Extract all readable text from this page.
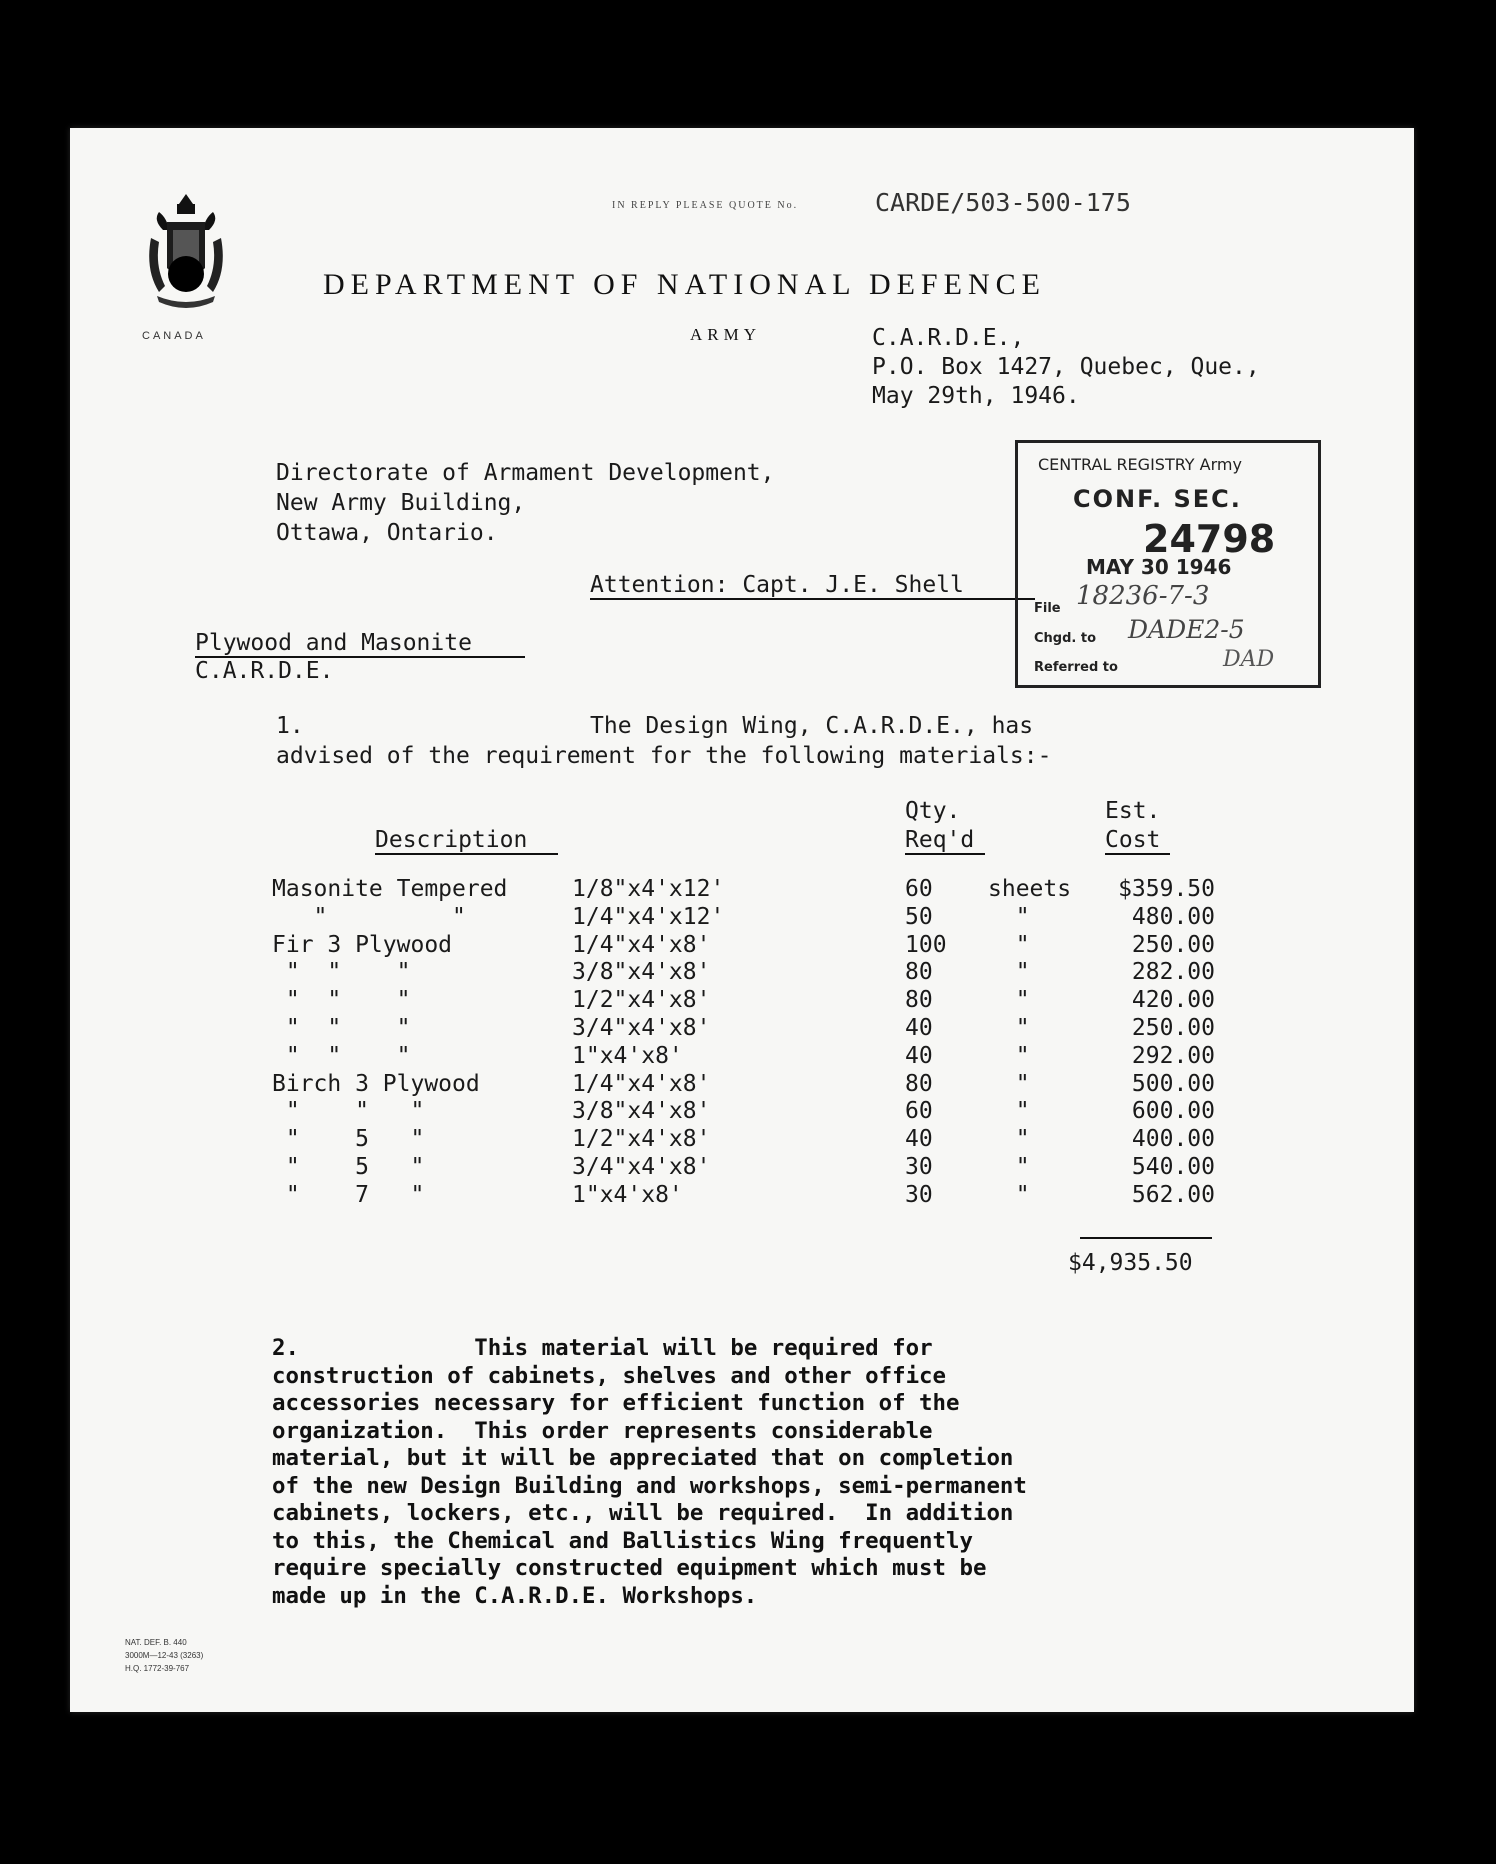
CANADA
IN REPLY PLEASE QUOTE No.	CARDE/503-500-175
DEPARTMENT OF NATIONAL DEFENCE
ARMY	C.A.R.D.E.,
P.O. Box 1427, Quebec, Que.,
May 29th, 1946.
Directorate of Armament Development,
New Army Building,
Ottawa, Ontario.
Attention: Capt. J.E. Shell
CENTRAL REGISTRY Army
CONF. SEC.
24798
MAY 30 1946
File 18236-7-3
Chgd. to DADE2-5
Referred to	DAD
Plywood and Masonite
C.A.R.D.E.
1.	The Design Wing, C.A.R.D.E., has
advised of the requirement for the following materials:-
Description
Qty.
Req'd
Est.
Cost
Masonite Tempered	1/8"x4'x12'	60 sheets	$359.50
"         "	1/4"x4'x12'	50 "	480.00
Fir 3 Plywood	1/4"x4'x8'	100 "	250.00
"  "    "	3/8"x4'x8'	80 "	282.00
"  "    "	1/2"x4'x8'	80 "	420.00
"  "    "	3/4"x4'x8'	40 "	250.00
"  "    "	1"x4'x8'	40 "	292.00
Birch 3 Plywood	1/4"x4'x8'	80 "	500.00
"    "   "	3/8"x4'x8'	60 "	600.00
"    5   "	1/2"x4'x8'	40 "	400.00
"    5   "	3/4"x4'x8'	30 "	540.00
"    7   "	1"x4'x8'	30 "	562.00
$4,935.50
2.	This material will be required for
construction of cabinets, shelves and other office
accessories necessary for efficient function of the
organization.  This order represents considerable
material, but it will be appreciated that on completion
of the new Design Building and workshops, semi-permanent
cabinets, lockers, etc., will be required.  In addition
to this, the Chemical and Ballistics Wing frequently
require specially constructed equipment which must be
made up in the C.A.R.D.E. Workshops.
NAT. DEF. B. 440
3000M—12-43 (3263)
H.Q. 1772-39-767
